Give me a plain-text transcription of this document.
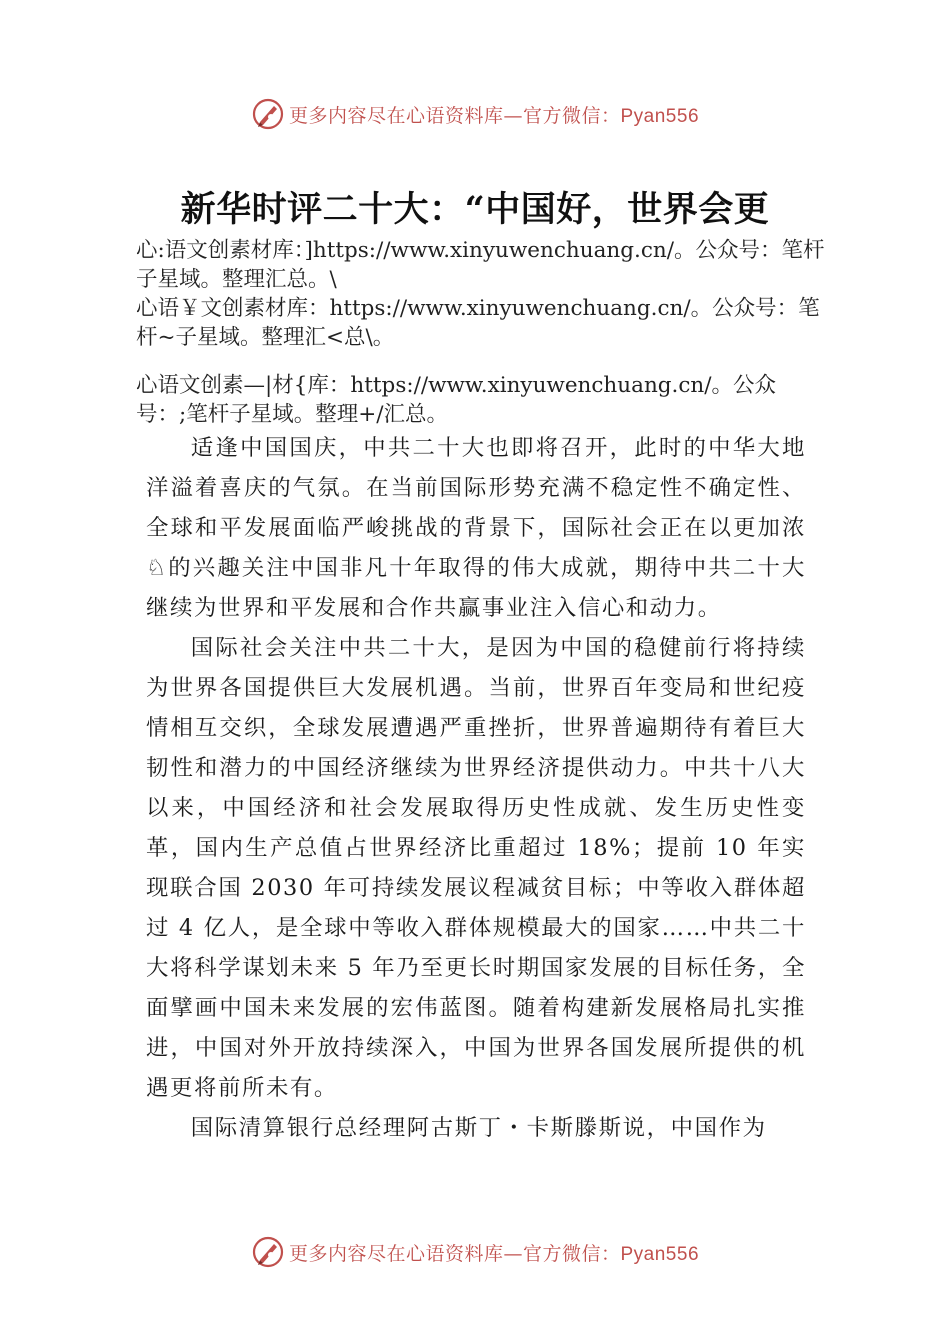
更多内容尽在心语资料库—官方微信：Pyan556
新华时评二十大：“中国好，世界会更
心:语文创素材库：]https://www.xinyuwenchuang.cn/。公众号：笔杆子星域。整理汇总。\
心语￥文创素材库：https://www.xinyuwenchuang.cn/。公众号：笔杆~子星域。整理汇<总\。
心语文创素—|材{库：https://www.xinyuwenchuang.cn/。公众号：;笔杆子星域。整理+/汇总。

适逢中国国庆，中共二十大也即将召开，此时的中华大地洋溢着喜庆的气氛。在当前国际形势充满不稳定性不确定性、全球和平发展面临严峻挑战的背景下，国际社会正在以更加浓♘的兴趣关注中国非凡十年取得的伟大成就，期待中共二十大继续为世界和平发展和合作共赢事业注入信心和动力。

国际社会关注中共二十大，是因为中国的稳健前行将持续为世界各国提供巨大发展机遇。当前，世界百年变局和世纪疫情相互交织，全球发展遭遇严重挫折，世界普遍期待有着巨大韧性和潜力的中国经济继续为世界经济提供动力。中共十八大以来，中国经济和社会发展取得历史性成就、发生历史性变革，国内生产总值占世界经济比重超过 18%；提前 10 年实现联合国 2030 年可持续发展议程减贫目标；中等收入群体超过 4 亿人，是全球中等收入群体规模最大的国家……中共二十大将科学谋划未来 5 年乃至更长时期国家发展的目标任务，全面擘画中国未来发展的宏伟蓝图。随着构建新发展格局扎实推进，中国对外开放持续深入，中国为世界各国发展所提供的机遇更将前所未有。

国际清算银行总经理阿古斯丁・卡斯滕斯说，中国作为

更多内容尽在心语资料库—官方微信：Pyan556
